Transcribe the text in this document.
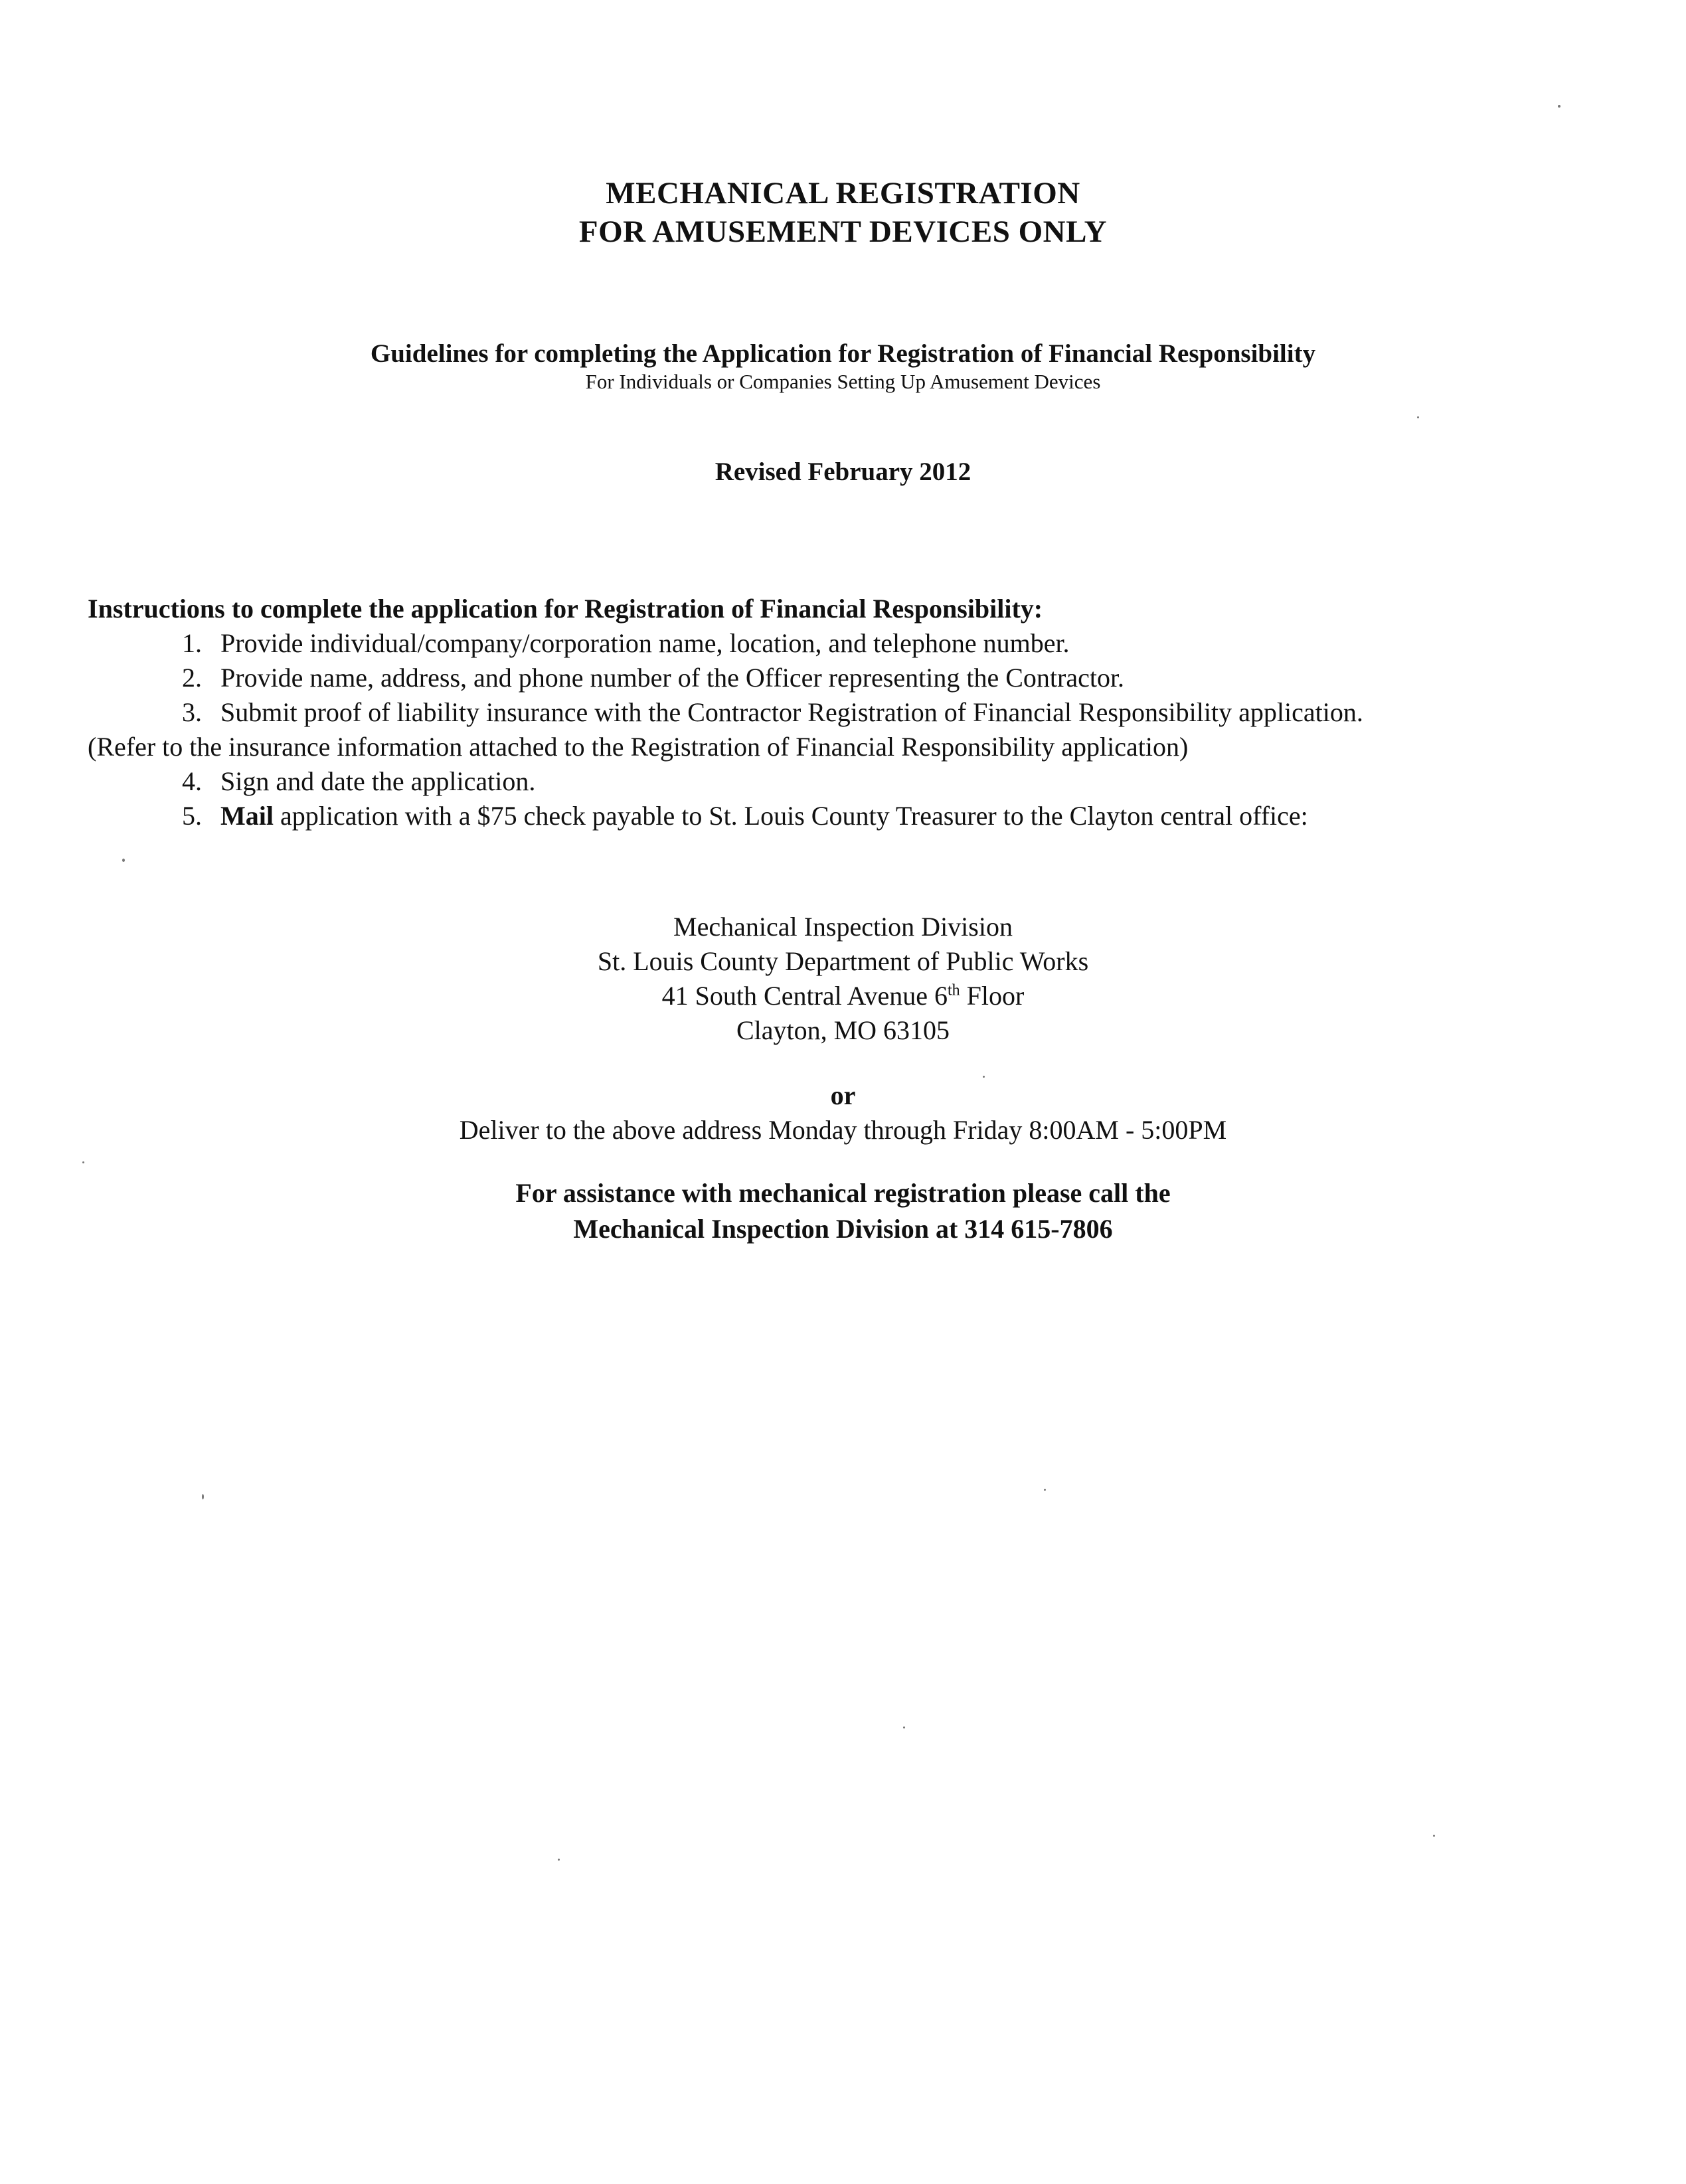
MECHANICAL REGISTRATION
FOR AMUSEMENT DEVICES ONLY
Guidelines for completing the Application for Registration of Financial Responsibility
For Individuals or Companies Setting Up Amusement Devices
Revised February 2012
Instructions to complete the application for Registration of Financial Responsibility:
1. Provide individual/company/corporation name, location, and telephone number.
2. Provide name, address, and phone number of the Officer representing the Contractor.
3. Submit proof of liability insurance with the Contractor Registration of Financial Responsibility application.
(Refer to the insurance information attached to the Registration of Financial Responsibility application)
4. Sign and date the application.
5. Mail application with a $75 check payable to St. Louis County Treasurer to the Clayton central office:
Mechanical Inspection Division
St. Louis County Department of Public Works
41 South Central Avenue 6th Floor
Clayton, MO 63105
or
Deliver to the above address Monday through Friday 8:00AM - 5:00PM
For assistance with mechanical registration please call the
Mechanical Inspection Division at 314 615-7806
